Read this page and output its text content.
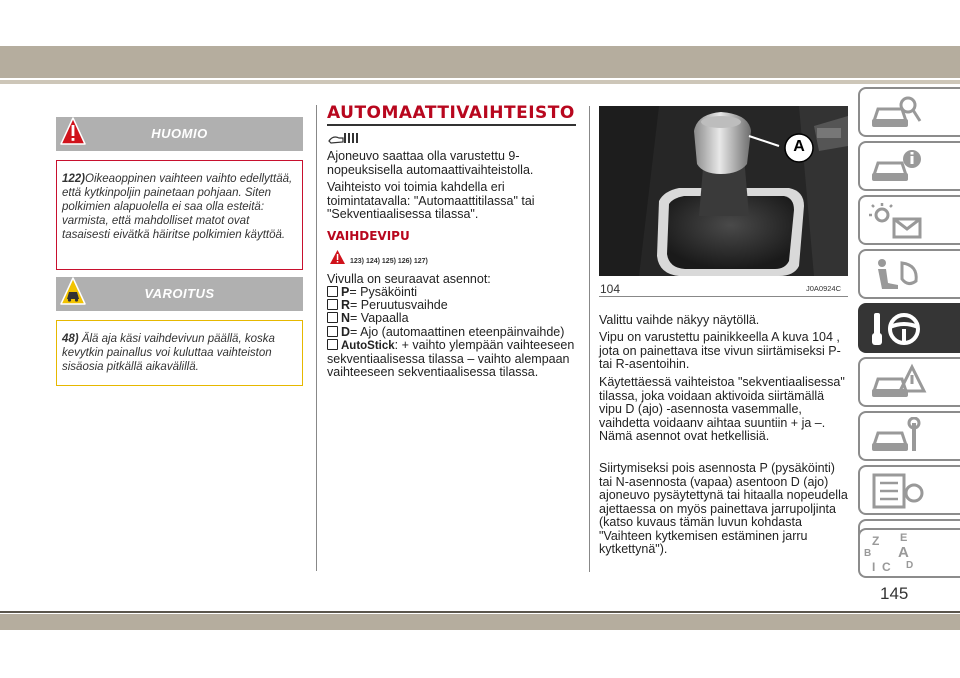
HUOMIO

122)Oikeaoppinen vaihteen vaihto edellyttää, että kytkinpoljin painetaan pohjaan. Siten polkimien alapuolella ei saa olla esteitä: varmista, että mahdolliset matot ovat tasaisesti eivätkä häiritse polkimien käyttöä.

VAROITUS

48) Älä aja käsi vaihdevivun päällä, koska kevytkin painallus voi kuluttaa vaihteiston sisäosia pitkällä aikavälillä.

AUTOMAATTIVAIHTEISTO

Ajoneuvo saattaa olla varustettu 9-nopeuksisella automaattivaihteistolla.

Vaihteisto voi toimia kahdella eri toimintatavalla: "Automaattitilassa" tai "Sekventiaalisessa tilassa".

VAIHDEVIPU
123) 124) 125) 126) 127)

Vivulla on seuraavat asennot:

P= Pysäköinti
R= Peruutusvaihde
N= Vapaalla
D= Ajo (automaattinen eteenpäinvaihde)
AutoStick: + vaihto ylempään vaihteeseen sekventiaalisessa tilassa – vaihto alempaan vaihteeseen sekventiaalisessa tilassa.
A
104	J0A0924C

Valittu vaihde näkyy näytöllä.

Vipu on varustettu painikkeella A kuva 104 , jota on painettava itse vivun siirtämiseksi P- tai R-asentoihin.

Käytettäessä vaihteistoa "sekventiaalisessa" tilassa, joka voidaan aktivoida siirtämällä vipu D (ajo) -asennosta vasemmalle, vaihdetta voidaanv aihtaa suuntiin + ja –. Nämä asennot ovat hetkellisiä.

Siirtymiseksi pois asennosta P (pysäköinti) tai N-asennosta (vapaa) asentoon D (ajo) ajoneuvo pysäytettynä tai hitaalla nopeudella ajettaessa on myös painettava jarrupoljinta (katso kuvaus tämän luvun kohdasta "Vaihteen kytkemisen estäminen jarru kytkettynä").

Z E
B A
I C D
145
